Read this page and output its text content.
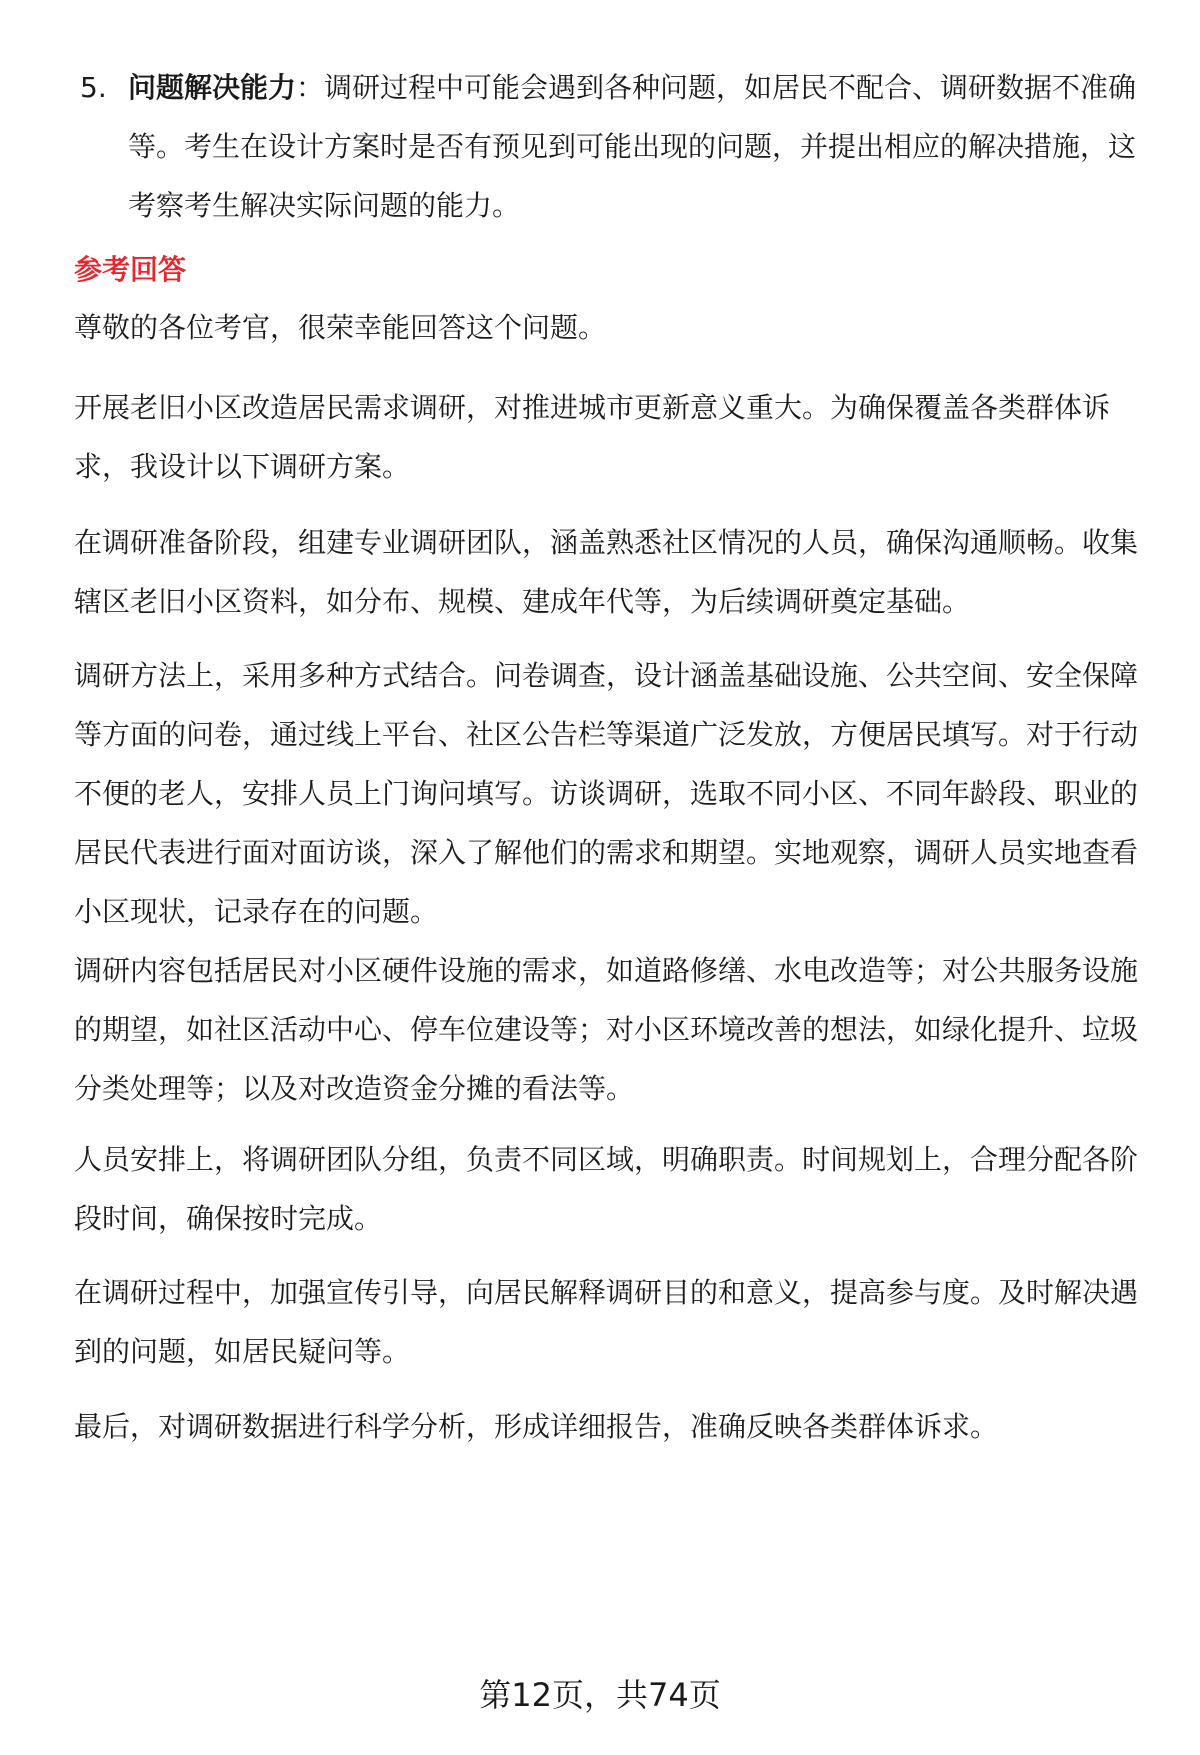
5. 问题解决能力：调研过程中可能会遇到各种问题，如居民不配合、调研数据不准确等。考生在设计方案时是否有预见到可能出现的问题，并提出相应的解决措施，这考察考生解决实际问题的能力。
参考回答

尊敬的各位考官，很荣幸能回答这个问题。

开展老旧小区改造居民需求调研，对推进城市更新意义重大。为确保覆盖各类群体诉求，我设计以下调研方案。

在调研准备阶段，组建专业调研团队，涵盖熟悉社区情况的人员，确保沟通顺畅。收集辖区老旧小区资料，如分布、规模、建成年代等，为后续调研奠定基础。

调研方法上，采用多种方式结合。问卷调查，设计涵盖基础设施、公共空间、安全保障等方面的问卷，通过线上平台、社区公告栏等渠道广泛发放，方便居民填写。对于行动不便的老人，安排人员上门询问填写。访谈调研，选取不同小区、不同年龄段、职业的居民代表进行面对面访谈，深入了解他们的需求和期望。实地观察，调研人员实地查看小区现状，记录存在的问题。

调研内容包括居民对小区硬件设施的需求，如道路修缮、水电改造等；对公共服务设施的期望，如社区活动中心、停车位建设等；对小区环境改善的想法，如绿化提升、垃圾分类处理等；以及对改造资金分摊的看法等。

人员安排上，将调研团队分组，负责不同区域，明确职责。时间规划上，合理分配各阶段时间，确保按时完成。

在调研过程中，加强宣传引导，向居民解释调研目的和意义，提高参与度。及时解决遇到的问题，如居民疑问等。

最后，对调研数据进行科学分析，形成详细报告，准确反映各类群体诉求。

第12页，共74页
